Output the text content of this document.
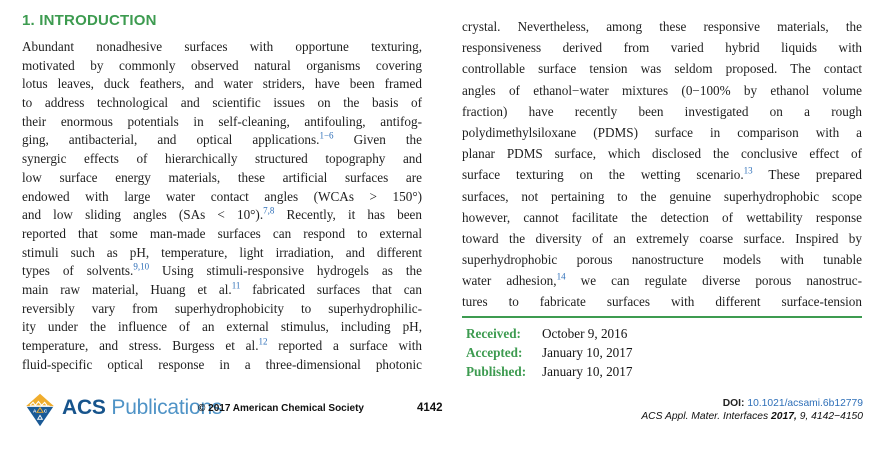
1. INTRODUCTION
Abundant nonadhesive surfaces with opportune texturing,
motivated by commonly observed natural organisms covering
lotus leaves, duck feathers, and water striders, have been framed
to address technological and scientific issues on the basis of
their enormous potentials in self-cleaning, antifouling, antifog-
ging, antibacterial, and optical applications.$^{1-6}$ Given the
synergic effects of hierarchically structured topography and
low surface energy materials, these artificial surfaces are
endowed with large water contact angles (WCAs > 150°)
and low sliding angles (SAs < 10°).$^{7,8}$ Recently, it has been
reported that some man-made surfaces can respond to external
stimuli such as pH, temperature, light irradiation, and different
types of solvents.$^{9,10}$ Using stimuli-responsive hydrogels as the
main raw material, Huang et al.$^{11}$ fabricated surfaces that can
reversibly vary from superhydrophobicity to superhydrophilic-
ity under the influence of an external stimulus, including pH,
temperature, and stress. Burgess et al.$^{12}$ reported a surface with
fluid-specific optical response in a three-dimensional photonic
crystal. Nevertheless, among these responsive materials, the
responsiveness derived from varied hybrid liquids with
controllable surface tension was seldom proposed. The contact
angles of ethanol−water mixtures (0−100% by ethanol volume
fraction) have recently been investigated on a rough
polydimethylsiloxane (PDMS) surface in comparison with a
planar PDMS surface, which disclosed the conclusive effect of
surface texturing on the wetting scenario.$^{13}$ These prepared
surfaces, not pertaining to the genuine superhydrophobic scope
however, cannot facilitate the detection of wettability response
toward the diversity of an extremely coarse surface. Inspired by
superhydrophobic porous nanostructure models with tunable
water adhesion,$^{14}$ we can regulate diverse porous nanostruc-
tures to fabricate surfaces with different surface-tension
Received: October 9, 2016
Accepted: January 10, 2017
Published: January 10, 2017
A C ACS Publications
© 2017 American Chemical Society	4142	DOI: 10.1021/acsami.6b12779
ACS Appl. Mater. Interfaces 2017, 9, 4142−4150
